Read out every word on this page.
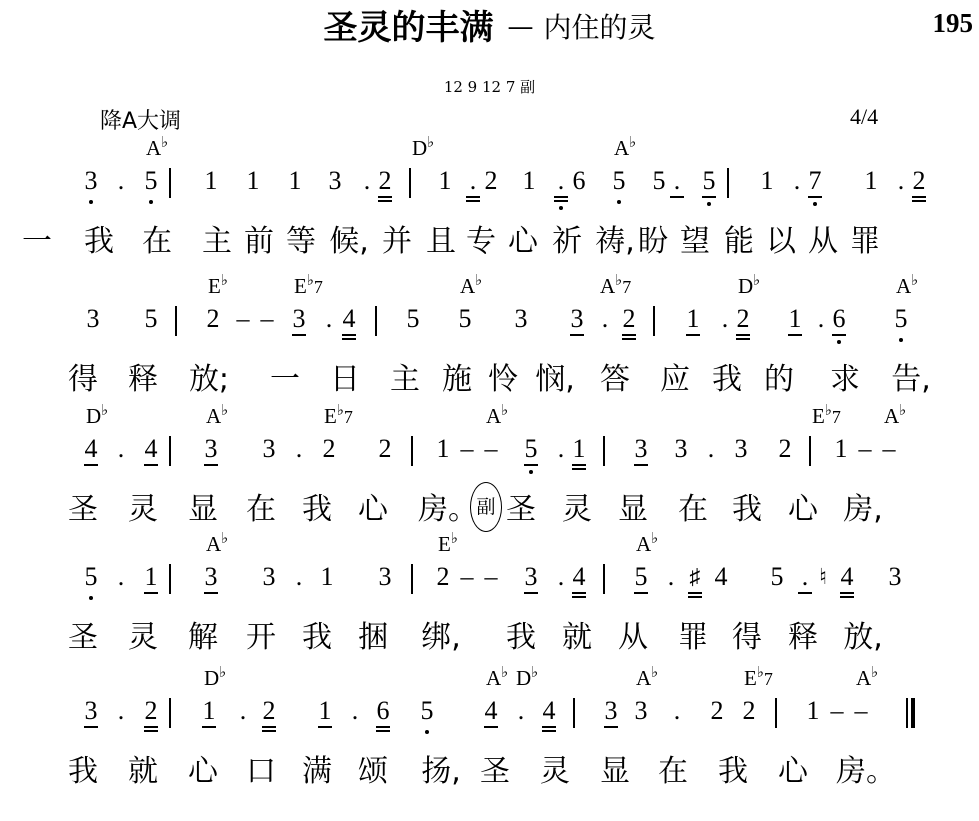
圣灵的丰满 — 内住的灵	195
12 9 12 7 副
降A大调	4/4
A♭	D♭	A♭
3 . 5 1 1 1 3 . 2 1 . 2 1 . 6 5 5 . 5 1 . 7 1 . 2
一 我 在 主 前 等 候, 并 且 专 心 祈 祷, 盼 望 能 以 从 罪
E♭	E♭7	A♭	A♭7	D♭	A♭
3 5 2 – – 3 . 4 5 5 3 3 . 2 1 . 2 1 . 6 5
得 释 放; 一 日 主 施 怜 悯, 答 应 我 的 求 告,
D♭	A♭	E♭7	A♭	E♭7 A♭
4 . 4 3 3 . 2 2 1 – – 5 . 1 3 3 . 3 2 1 – –
圣 灵 显 在 我 心 房。 圣 灵 显 在 我 心 房,
A♭	E♭	A♭
5 . 1 3 3 . 1 3 2 – – 3 . 4 5 . ♯ 4 5 . ♮ 4 3
圣 灵 解 开 我 捆 绑, 我 就 从 罪 得 释 放,
D♭	A♭ D♭	A♭	E♭7	A♭
3 . 2 1 . 2 1 . 6 5 4 . 4 3 3	.	2 2 1 – –
我 就 心 口 满 颂 扬, 圣 灵 显 在 我 心 房。
副
